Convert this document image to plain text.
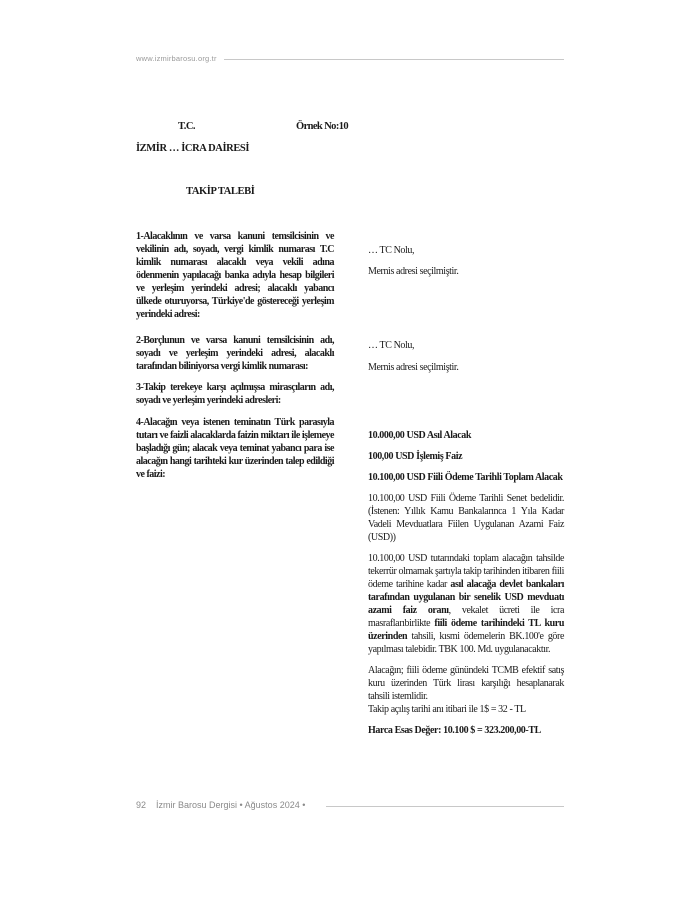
www.izmirbarosu.org.tr
T.C.	Örnek No:10
İZMİR … İCRA DAİRESİ
TAKİP TALEBİ
1-Alacaklının ve varsa kanuni temsilcisinin ve vekilinin adı, soyadı, vergi kimlik numarası T.C kimlik numarası alacaklı veya vekili adına ödenmenin yapılacağı banka adıyla hesap bilgileri ve yerleşim yerindeki adresi; alacaklı yabancı ülkede oturuyorsa, Türkiye'de göstereceği yerleşim yerindeki adresi:
… TC Nolu,
Mernis adresi seçilmiştir.
2-Borçlunun ve varsa kanuni temsilcisinin adı, soyadı ve yerleşim yerindeki adresi, alacaklı tarafından biliniyorsa vergi kimlik numarası:
… TC Nolu,
Mernis adresi seçilmiştir.
3-Takip terekeye karşı açılmışsa mirasçıların adı, soyadı ve yerleşim yerindeki adresleri:
4-Alacağın veya istenen teminatın Türk parasıyla tutarı ve faizli alacaklarda faizin miktarı ile işlemeye başladığı gün; alacak veya teminat yabancı para ise alacağın hangi tarihteki kur üzerinden talep edildiği ve faizi:

10.000,00 USD Asıl Alacak

100,00 USD İşlemiş Faiz

10.100,00 USD Fiili Ödeme Tarihli Toplam Alacak

10.100,00 USD Fiili Ödeme Tarihli Senet bedelidir. (İstenen: Yıllık Kamu Bankalarınca 1 Yıla Kadar Vadeli Mevduatlara Fiilen Uygulanan Azami Faiz (USD))

10.100,00 USD tutarındaki toplam alacağın tahsilde tekerrür olmamak şartıyla takip tarihinden itibaren fiili ödeme tarihine kadar asıl alacağa devlet bankaları tarafından uygulanan bir senelik USD mevduatı azami faiz oranı, vekalet ücreti ile icra masraflarıbirlikte fiili ödeme tarihindeki TL kuru üzerinden tahsili, kısmi ödemelerin BK.100'e göre yapılması talebidir. TBK 100. Md. uygulanacaktır.

Alacağın; fiili ödeme günündeki TCMB efektif satış kuru üzerinden Türk lirası karşılığı hesaplanarak tahsili istemlidir.

Takip açılış tarihi anı itibari ile 1$ = 32 - TL

Harca Esas Değer: 10.100 $ = 323.200,00-TL

92 İzmir Barosu Dergisi • Ağustos 2024 •
